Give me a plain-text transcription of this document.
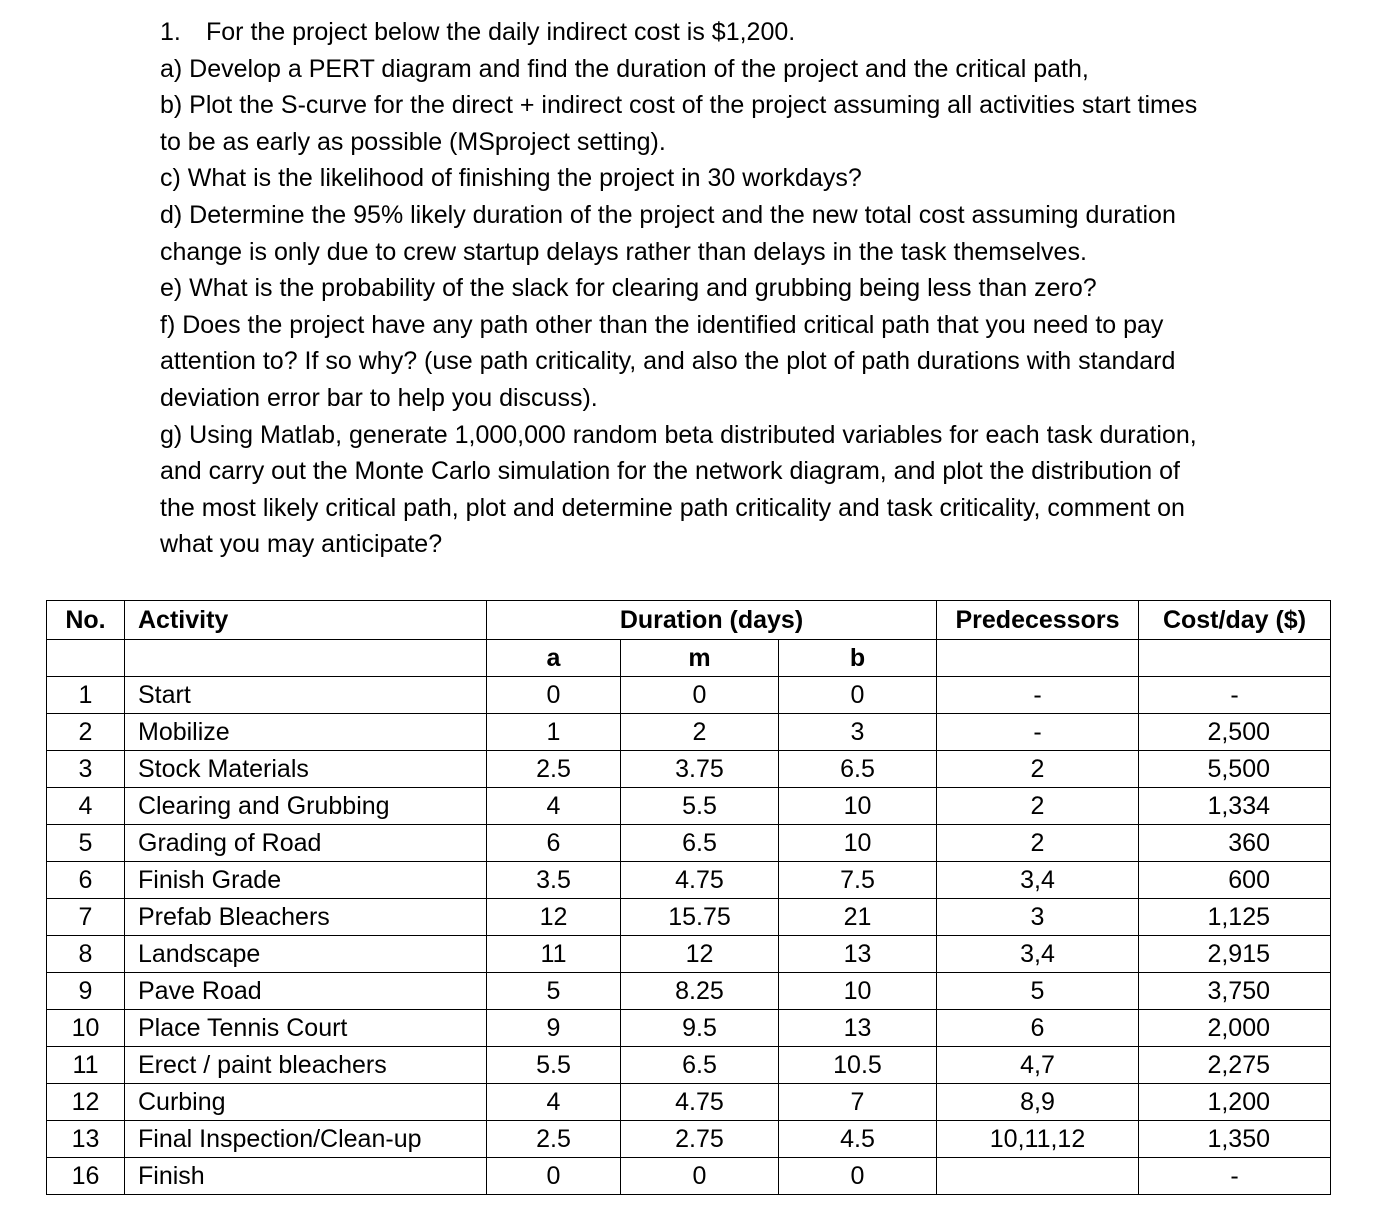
1. For the project below the daily indirect cost is $1,200.
a) Develop a PERT diagram and find the duration of the project and the critical path,
b) Plot the S-curve for the direct + indirect cost of the project assuming all activities start times
to be as early as possible (MSproject setting).
c) What is the likelihood of finishing the project in 30 workdays?
d) Determine the 95% likely duration of the project and the new total cost assuming duration
change is only due to crew startup delays rather than delays in the task themselves.
e) What is the probability of the slack for clearing and grubbing being less than zero?
f) Does the project have any path other than the identified critical path that you need to pay
attention to? If so why? (use path criticality, and also the plot of path durations with standard
deviation error bar to help you discuss).
g) Using Matlab, generate 1,000,000 random beta distributed variables for each task duration,
and carry out the Monte Carlo simulation for the network diagram, and plot the distribution of
the most likely critical path, plot and determine path criticality and task criticality, comment on
what you may anticipate?
No.	Activity	Duration (days)			Predecessors	Cost/day ($)
		a	m	b		
1	Start	0	0	0	-	-
2	Mobilize	1	2	3	-	2,500
3	Stock Materials	2.5	3.75	6.5	2	5,500
4	Clearing and Grubbing	4	5.5	10	2	1,334
5	Grading of Road	6	6.5	10	2	360
6	Finish Grade	3.5	4.75	7.5	3,4	600
7	Prefab Bleachers	12	15.75	21	3	1,125
8	Landscape	11	12	13	3,4	2,915
9	Pave Road	5	8.25	10	5	3,750
10	Place Tennis Court	9	9.5	13	6	2,000
11	Erect / paint bleachers	5.5	6.5	10.5	4,7	2,275
12	Curbing	4	4.75	7	8,9	1,200
13	Final Inspection/Clean-up	2.5	2.75	4.5	10,11,12	1,350
16	Finish	0	0	0		-
